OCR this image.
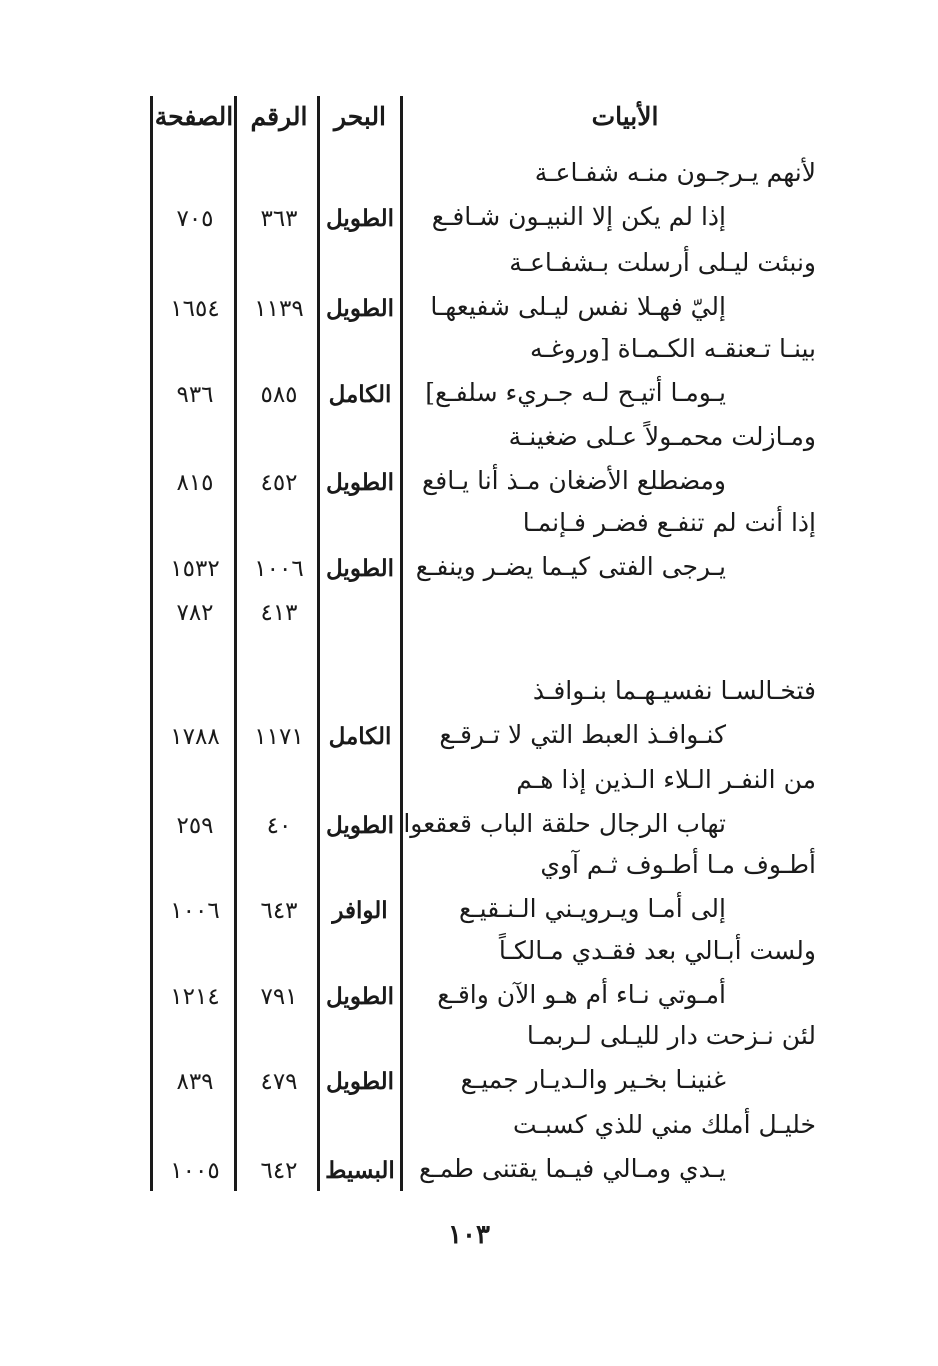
الأبيات
البحر
الرقم
الصفحة
لأنهم يـرجـون منـه شفـاعـة
إذا لم يكن إلا النبيـون شـافـع
الطويل
٣٦٣
٧٠٥
ونبئت ليـلى أرسلت بـشفـاعـة
إليّ فهـلا نفس ليـلى شفيعهـا
الطويل
١١٣٩
١٦٥٤
بينـا تـعنقـه الكـمـاة [وروغـه
يـومـا أتيـح لـه جـريء سلفـع]
الكامل
٥٨٥
٩٣٦
ومـازلت محمـولاً عـلى ضغينـة
ومضطلع الأضغان مـذ أنا يـافع
الطويل
٤٥٢
٨١٥
إذا أنت لم تنفـع فضـر فـإنمـا
يـرجى الفتى كيـما يضـر وينفـع
الطويل
١٠٠٦
١٥٣٢
٤١٣
٧٨٢
فتخـالسـا نفسيـهـما بنـوافـذ
كنـوافـذ العبط التي لا تـرقـع
الكامل
١١٧١
١٧٨٨
من النفـر الـلاء الـذين إذا هـم
تهاب الرجال حلقة الباب قعقعوا
الطويل
٤٠
٢٥٩
أطـوف مـا أطـوف ثـم آوي
إلى أمـا ويـرويـني الـنـقيـع
الوافر
٦٤٣
١٠٠٦
ولست أبـالي بعد فقـدي مـالكـاً
أمـوتي نـاء أم هـو الآن واقـع
الطويل
٧٩١
١٢١٤
لئن نـزحت دار لليـلى لـربمـا
غنينـا بخـير والـديـار جميـع
الطويل
٤٧٩
٨٣٩
خليـل أملك مني للذي كسبـت
يـدي ومـالي فيـما يقتنى طمـع
البسيط
٦٤٢
١٠٠٥
١٠٣
